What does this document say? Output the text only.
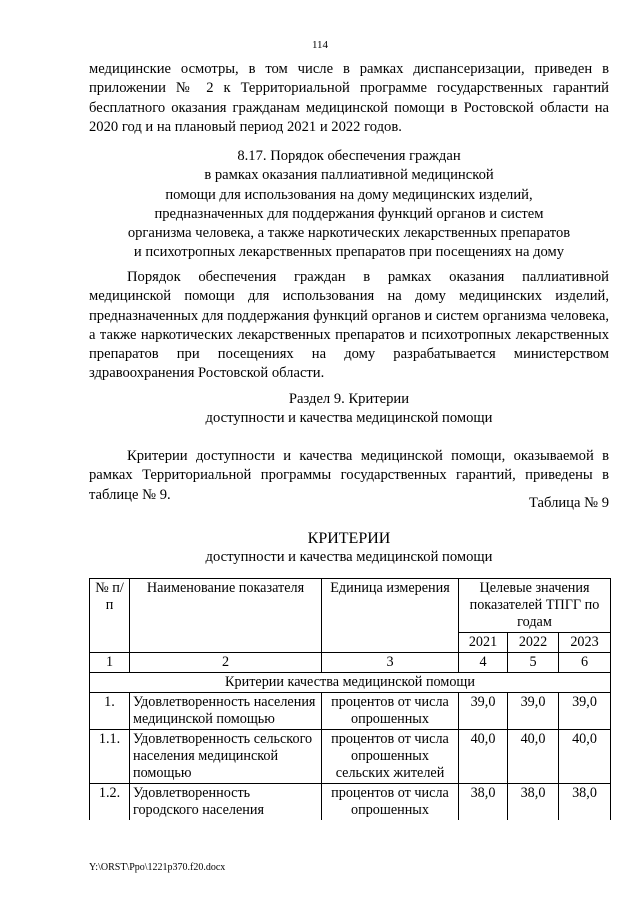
114

медицинские осмотры, в том числе в рамках диспансеризации, приведен в приложении № 2 к Территориальной программе государственных гарантий бесплатного оказания гражданам медицинской помощи в Ростовской области на 2020 год и на плановый период 2021 и 2022 годов.

8.17. Порядок обеспечения граждан
в рамках оказания паллиативной медицинской
помощи для использования на дому медицинских изделий,
предназначенных для поддержания функций органов и систем
организма человека, а также наркотических лекарственных препаратов
и психотропных лекарственных препаратов при посещениях на дому

Порядок обеспечения граждан в рамках оказания паллиативной медицинской помощи для использования на дому медицинских изделий, предназначенных для поддержания функций органов и систем организма человека, а также наркотических лекарственных препаратов и психотропных лекарственных препаратов при посещениях на дому разрабатывается министерством здравоохранения Ростовской области.

Раздел 9. Критерии
доступности и качества медицинской помощи

Критерии доступности и качества медицинской помощи, оказываемой в рамках Территориальной программы государственных гарантий, приведены в таблице № 9.

Таблица № 9
КРИТЕРИИ
доступности и качества медицинской помощи
№ п/п	Наименование показателя	Единица измерения	Целевые значения показателей ТПГГ по годам		
			2021	2022	2023
1	2	3	4	5	6
Критерии качества медицинской помощи					
1.	Удовлетворенность населения медицинской помощью	процентов от числа опрошенных	39,0	39,0	39,0
1.1.	Удовлетворенность сельского населения медицинской помощью	процентов от числа опрошенных сельских жителей	40,0	40,0	40,0
1.2.	Удовлетворенность городского населения	процентов от числа опрошенных	38,0	38,0	38,0
Y:\ORST\Ppo\1221p370.f20.docx
